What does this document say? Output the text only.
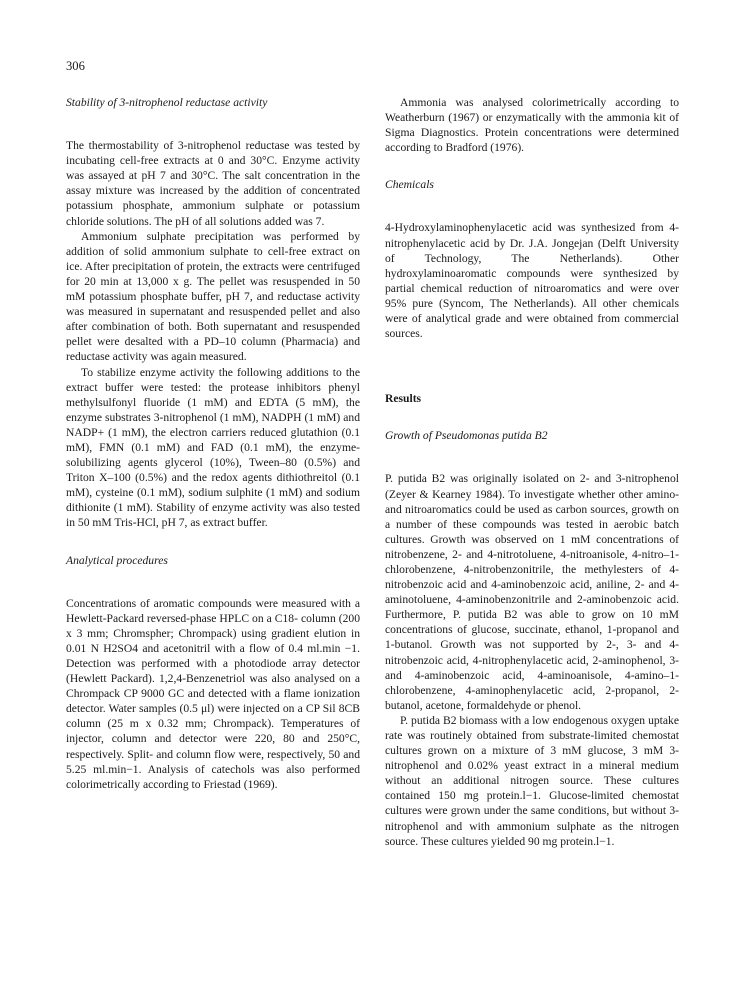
306

Stability of 3-nitrophenol reductase activity

The thermostability of 3-nitrophenol reductase was tested by incubating cell-free extracts at 0 and 30°C. Enzyme activity was assayed at pH 7 and 30°C. The salt concentration in the assay mixture was increased by the addition of concentrated potassium phosphate, ammonium sulphate or potassium chloride solutions. The pH of all solutions added was 7.

Ammonium sulphate precipitation was performed by addition of solid ammonium sulphate to cell-free extract on ice. After precipitation of protein, the extracts were centrifuged for 20 min at 13,000 x g. The pellet was resuspended in 50 mM potassium phosphate buffer, pH 7, and reductase activity was measured in supernatant and resuspended pellet and also after combination of both. Both supernatant and resuspended pellet were desalted with a PD–10 column (Pharmacia) and reductase activity was again measured.

To stabilize enzyme activity the following additions to the extract buffer were tested: the protease inhibitors phenyl methylsulfonyl fluoride (1 mM) and EDTA (5 mM), the enzyme substrates 3-nitrophenol (1 mM), NADPH (1 mM) and NADP+ (1 mM), the electron carriers reduced glutathion (0.1 mM), FMN (0.1 mM) and FAD (0.1 mM), the enzyme-solubilizing agents glycerol (10%), Tween–80 (0.5%) and Triton X–100 (0.5%) and the redox agents dithiothreitol (0.1 mM), cysteine (0.1 mM), sodium sulphite (1 mM) and sodium dithionite (1 mM). Stability of enzyme activity was also tested in 50 mM Tris-HCl, pH 7, as extract buffer.

Analytical procedures

Concentrations of aromatic compounds were measured with a Hewlett-Packard reversed-phase HPLC on a C18- column (200 x 3 mm; Chromspher; Chrompack) using gradient elution in 0.01 N H2SO4 and acetonitril with a flow of 0.4 ml.min −1. Detection was performed with a photodiode array detector (Hewlett Packard). 1,2,4-Benzenetriol was also analysed on a Chrompack CP 9000 GC and detected with a flame ionization detector. Water samples (0.5 μl) were injected on a CP Sil 8CB column (25 m x 0.32 mm; Chrompack). Temperatures of injector, column and detector were 220, 80 and 250°C, respectively. Split- and column flow were, respectively, 50 and 5.25 ml.min−1. Analysis of catechols was also performed colorimetrically according to Friestad (1969).

Ammonia was analysed colorimetrically according to Weatherburn (1967) or enzymatically with the ammonia kit of Sigma Diagnostics. Protein concentrations were determined according to Bradford (1976).

Chemicals

4-Hydroxylaminophenylacetic acid was synthesized from 4-nitrophenylacetic acid by Dr. J.A. Jongejan (Delft University of Technology, The Netherlands). Other hydroxylaminoaromatic compounds were synthesized by partial chemical reduction of nitroaromatics and were over 95% pure (Syncom, The Netherlands). All other chemicals were of analytical grade and were obtained from commercial sources.

Results

Growth of Pseudomonas putida B2

P. putida B2 was originally isolated on 2- and 3-nitrophenol (Zeyer & Kearney 1984). To investigate whether other amino- and nitroaromatics could be used as carbon sources, growth on a number of these compounds was tested in aerobic batch cultures. Growth was observed on 1 mM concentrations of nitrobenzene, 2- and 4-nitrotoluene, 4-nitroanisole, 4-nitro–1-chlorobenzene, 4-nitrobenzonitrile, the methylesters of 4-nitrobenzoic acid and 4-aminobenzoic acid, aniline, 2- and 4-aminotoluene, 4-aminobenzonitrile and 2-aminobenzoic acid. Furthermore, P. putida B2 was able to grow on 10 mM concentrations of glucose, succinate, ethanol, 1-propanol and 1-butanol. Growth was not supported by 2-, 3- and 4-nitrobenzoic acid, 4-nitrophenylacetic acid, 2-aminophenol, 3- and 4-aminobenzoic acid, 4-aminoanisole, 4-amino–1-chlorobenzene, 4-aminophenylacetic acid, 2-propanol, 2-butanol, acetone, formaldehyde or phenol.

P. putida B2 biomass with a low endogenous oxygen uptake rate was routinely obtained from substrate-limited chemostat cultures grown on a mixture of 3 mM glucose, 3 mM 3-nitrophenol and 0.02% yeast extract in a mineral medium without an additional nitrogen source. These cultures contained 150 mg protein.l−1. Glucose-limited chemostat cultures were grown under the same conditions, but without 3-nitrophenol and with ammonium sulphate as the nitrogen source. These cultures yielded 90 mg protein.l−1.
